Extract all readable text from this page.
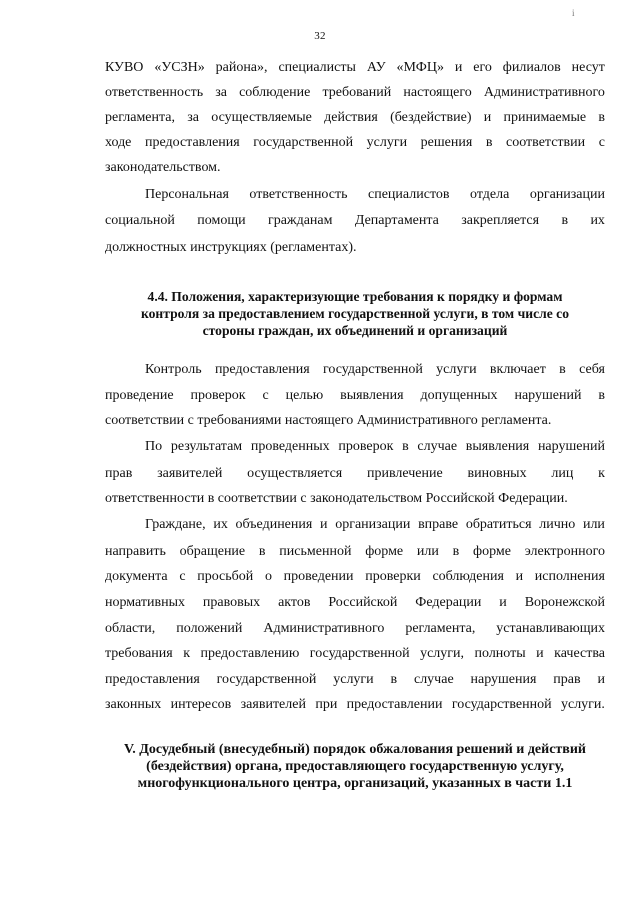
i
32
КУВО «УСЗН» района», специалисты АУ «МФЦ» и его филиалов несут
ответственность за соблюдение требований настоящего Административного
регламента, за осуществляемые действия (бездействие) и принимаемые в
ходе предоставления государственной услуги решения в соответствии с
законодательством.
Персональная ответственность специалистов отдела организации
социальной помощи гражданам Департамента закрепляется в их
должностных инструкциях (регламентах).
4.4. Положения, характеризующие требования к порядку и формам
контроля за предоставлением государственной услуги, в том числе со
стороны граждан, их объединений и организаций
Контроль предоставления государственной услуги включает в себя
проведение проверок с целью выявления допущенных нарушений в
соответствии с требованиями настоящего Административного регламента.
По результатам проведенных проверок в случае выявления нарушений
прав заявителей осуществляется привлечение виновных лиц к
ответственности в соответствии с законодательством Российской Федерации.
Граждане, их объединения и организации вправе обратиться лично или
направить обращение в письменной форме или в форме электронного
документа с просьбой о проведении проверки соблюдения и исполнения
нормативных правовых актов Российской Федерации и Воронежской
области, положений Административного регламента, устанавливающих
требования к предоставлению государственной услуги, полноты и качества
предоставления государственной услуги в случае нарушения прав и
законных интересов заявителей при предоставлении государственной услуги.
V. Досудебный (внесудебный) порядок обжалования решений и действий
(бездействия) органа, предоставляющего государственную услугу,
многофункционального центра, организаций, указанных в части 1.1
